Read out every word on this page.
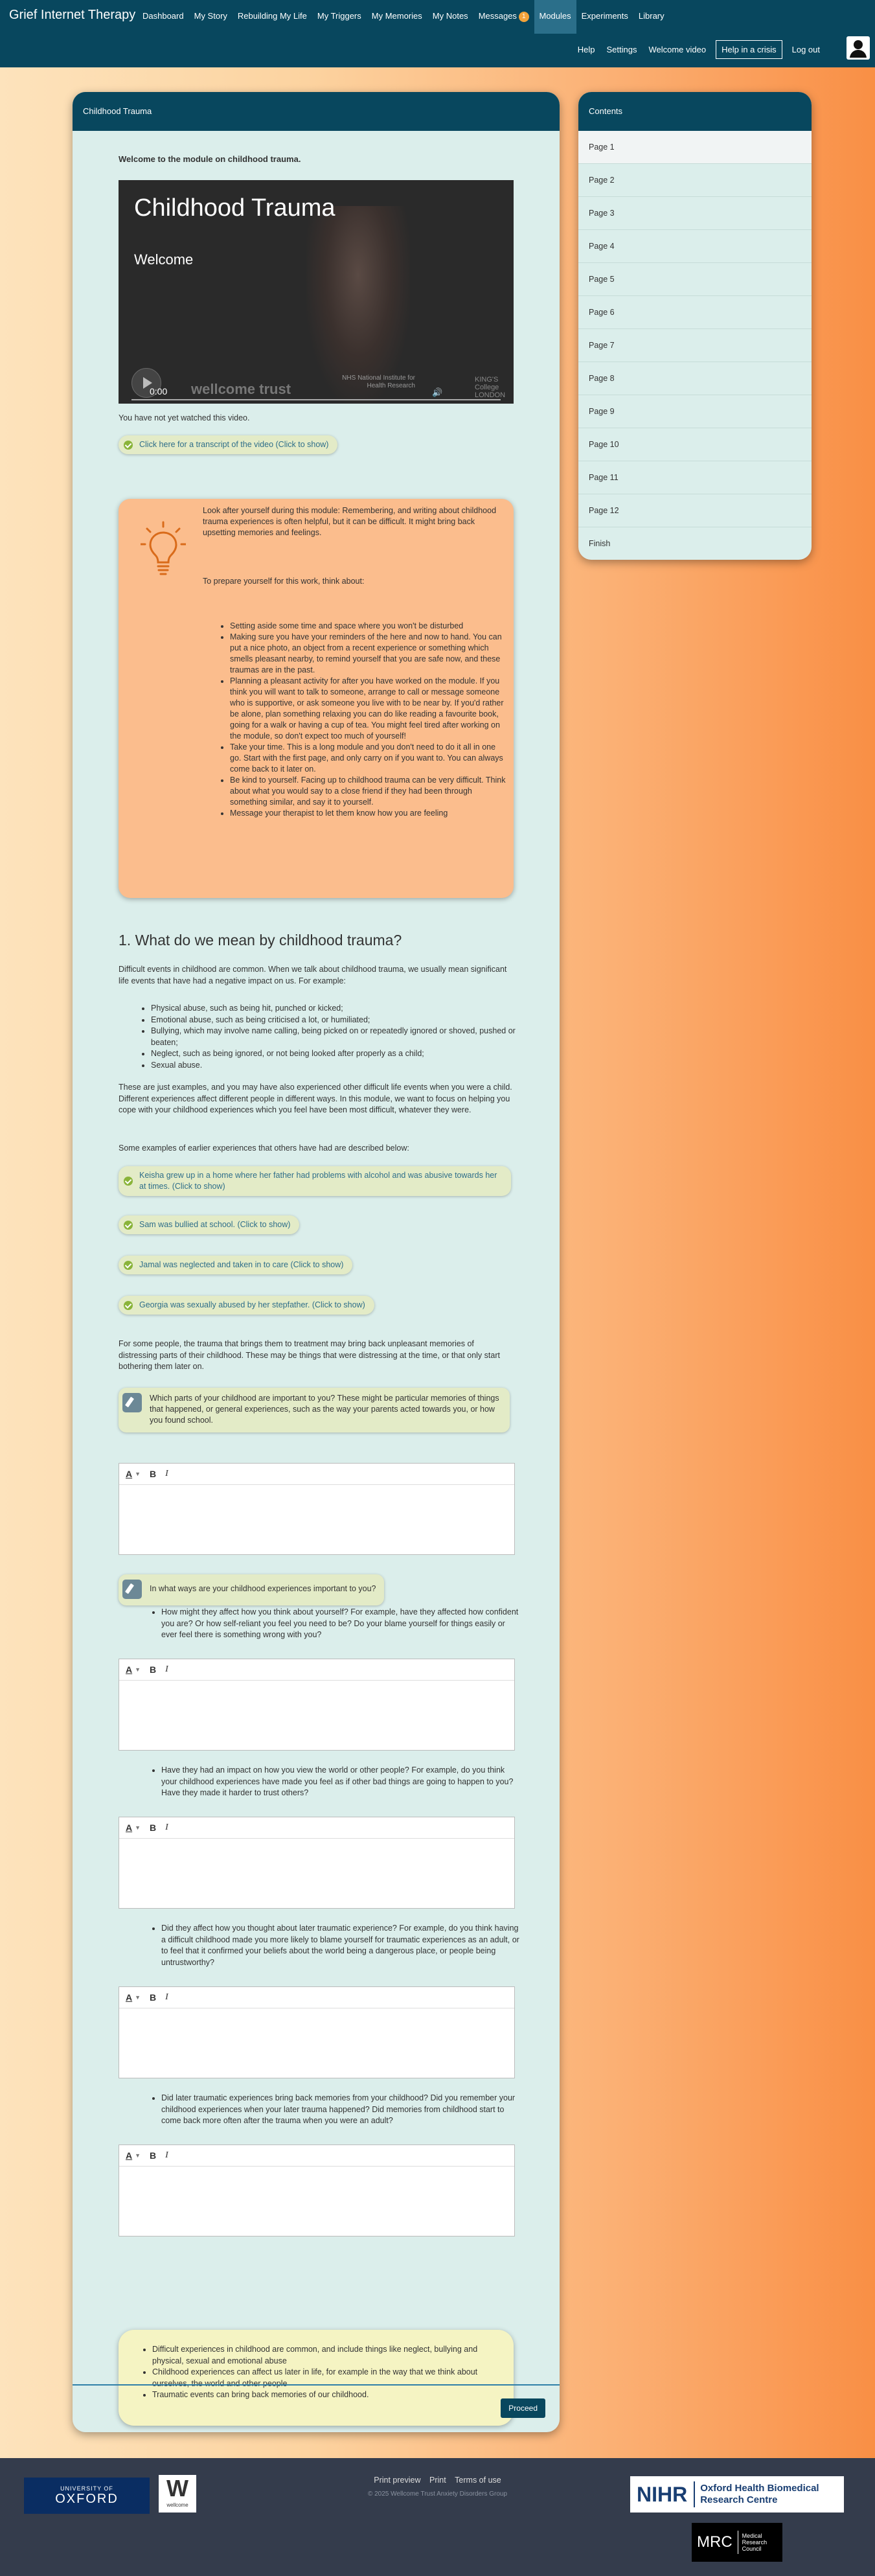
Grief Internet Therapy Dashboard	My Story	Rebuilding My Life	My Triggers	My Memories	My Notes	Messages 1	Modules	Experiments	Library
Help	Settings	Welcome video	Help in a crisis	Log out
Childhood Trauma

Welcome to the module on childhood trauma.

Childhood Trauma
Welcome
0:00 wellcome trust
NHS National Institute for Health Research
🔊
KING'S College LONDON
You have not yet watched this video.
Click here for a transcript of the video (Click to show)

Look after yourself during this module: Remembering, and writing about childhood trauma experiences is often helpful, but it can be difficult. It might bring back upsetting memories and feelings.

To prepare yourself for this work, think about:

• Setting aside some time and space where you won't be disturbed
• Making sure you have your reminders of the here and now to hand. You can put a nice photo, an object from a recent experience or something which smells pleasant nearby, to remind yourself that you are safe now, and these traumas are in the past.
• Planning a pleasant activity for after you have worked on the module. If you think you will want to talk to someone, arrange to call or message someone who is supportive, or ask someone you live with to be near by. If you'd rather be alone, plan something relaxing you can do like reading a favourite book, going for a walk or having a cup of tea. You might feel tired after working on the module, so don't expect too much of yourself!
• Take your time. This is a long module and you don't need to do it all in one go. Start with the first page, and only carry on if you want to. You can always come back to it later on.
• Be kind to yourself. Facing up to childhood trauma can be very difficult. Think about what you would say to a close friend if they had been through something similar, and say it to yourself.
• Message your therapist to let them know how you are feeling
1. What do we mean by childhood trauma?

Difficult events in childhood are common. When we talk about childhood trauma, we usually mean significant life events that have had a negative impact on us. For example:

• Physical abuse, such as being hit, punched or kicked;
• Emotional abuse, such as being criticised a lot, or humiliated;
• Bullying, which may involve name calling, being picked on or repeatedly ignored or shoved, pushed or beaten;
• Neglect, such as being ignored, or not being looked after properly as a child;
• Sexual abuse.

These are just examples, and you may have also experienced other difficult life events when you were a child. Different experiences affect different people in different ways. In this module, we want to focus on helping you cope with your childhood experiences which you feel have been most difficult, whatever they were.

Some examples of earlier experiences that others have had are described below:

Keisha grew up in a home where her father had problems with alcohol and was abusive towards her at times. (Click to show)
Sam was bullied at school. (Click to show)
Jamal was neglected and taken in to care (Click to show)
Georgia was sexually abused by her stepfather. (Click to show)

For some people, the trauma that brings them to treatment may bring back unpleasant memories of distressing parts of their childhood. These may be things that were distressing at the time, or that only start bothering them later on.

Which parts of your childhood are important to you? These might be particular memories of things that happened, or general experiences, such as the way your parents acted towards you, or how you found school.
A ▼ B I
In what ways are your childhood experiences important to you?
• How might they affect how you think about yourself? For example, have they affected how confident you are? Or how self-reliant you feel you need to be? Do your blame yourself for things easily or ever feel there is something wrong with you?
A ▼ B I
• Have they had an impact on how you view the world or other people? For example, do you think your childhood experiences have made you feel as if other bad things are going to happen to you? Have they made it harder to trust others?
A ▼ B I
• Did they affect how you thought about later traumatic experience? For example, do you think having a difficult childhood made you more likely to blame yourself for traumatic experiences as an adult, or to feel that it confirmed your beliefs about the world being a dangerous place, or people being untrustworthy?
A ▼ B I
• Did later traumatic experiences bring back memories from your childhood? Did you remember your childhood experiences when your later trauma happened? Did memories from childhood start to come back more often after the trauma when you were an adult?
A ▼ B I
• Difficult experiences in childhood are common, and include things like neglect, bullying and physical, sexual and emotional abuse
• Childhood experiences can affect us later in life, for example in the way that we think about ourselves, the world and other people
• Traumatic events can bring back memories of our childhood.
Proceed
Contents
Page 1
Page 2
Page 3
Page 4
Page 5
Page 6
Page 7
Page 8
Page 9
Page 10
Page 11
Page 12
Finish
UNIVERSITY OF
OXFORD	W
wellcome
Print preview Print Terms of use
© 2025 Wellcome Trust Anxiety Disorders Group	NIHR	Oxford Health Biomedical Research Centre
MRC	Medical Research Council
